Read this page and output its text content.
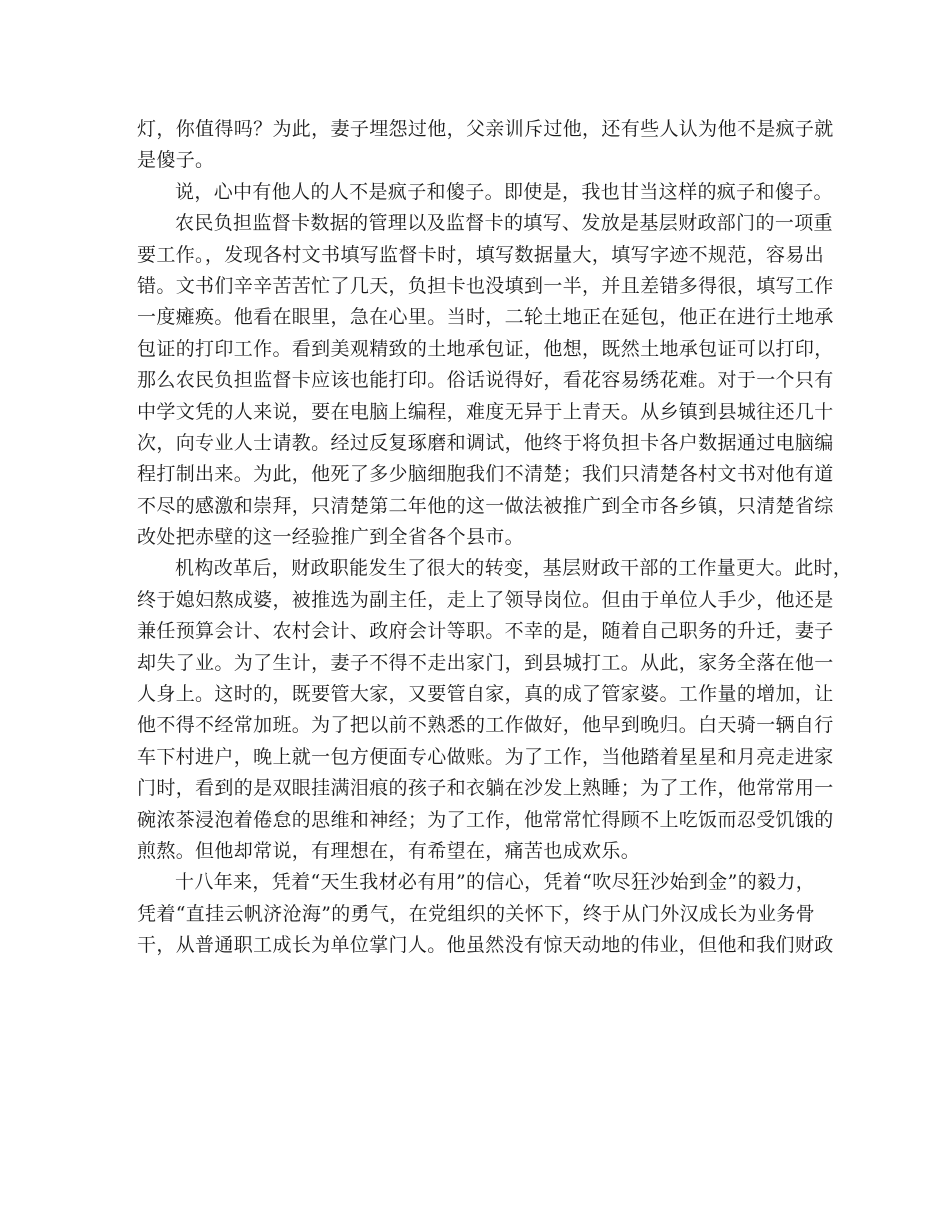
灯，你值得吗？为此，妻子埋怨过他，父亲训斥过他，还有些人认为他不是疯子就
是傻子。

说，心中有他人的人不是疯子和傻子。即使是，我也甘当这样的疯子和傻子。

农民负担监督卡数据的管理以及监督卡的填写、发放是基层财政部门的一项重
要工作。，发现各村文书填写监督卡时，填写数据量大，填写字迹不规范，容易出
错。文书们辛辛苦苦忙了几天，负担卡也没填到一半，并且差错多得很，填写工作
一度瘫痪。他看在眼里，急在心里。当时，二轮土地正在延包，他正在进行土地承
包证的打印工作。看到美观精致的土地承包证，他想，既然土地承包证可以打印，
那么农民负担监督卡应该也能打印。俗话说得好，看花容易绣花难。对于一个只有
中学文凭的人来说，要在电脑上编程，难度无异于上青天。从乡镇到县城往还几十
次，向专业人士请教。经过反复琢磨和调试，他终于将负担卡各户数据通过电脑编
程打制出来。为此，他死了多少脑细胞我们不清楚；我们只清楚各村文书对他有道
不尽的感激和崇拜，只清楚第二年他的这一做法被推广到全市各乡镇，只清楚省综
改处把赤壁的这一经验推广到全省各个县市。

机构改革后，财政职能发生了很大的转变，基层财政干部的工作量更大。此时，
终于媳妇熬成婆，被推选为副主任，走上了领导岗位。但由于单位人手少，他还是
兼任预算会计、农村会计、政府会计等职。不幸的是，随着自己职务的升迁，妻子
却失了业。为了生计，妻子不得不走出家门，到县城打工。从此，家务全落在他一
人身上。这时的，既要管大家，又要管自家，真的成了管家婆。工作量的增加，让
他不得不经常加班。为了把以前不熟悉的工作做好，他早到晚归。白天骑一辆自行
车下村进户，晚上就一包方便面专心做账。为了工作，当他踏着星星和月亮走进家
门时，看到的是双眼挂满泪痕的孩子和衣躺在沙发上熟睡；为了工作，他常常用一
碗浓茶浸泡着倦怠的思维和神经；为了工作，他常常忙得顾不上吃饭而忍受饥饿的
煎熬。但他却常说，有理想在，有希望在，痛苦也成欢乐。

十八年来，凭着“天生我材必有用”的信心，凭着“吹尽狂沙始到金”的毅力，
凭着“直挂云帆济沧海”的勇气，在党组织的关怀下，终于从门外汉成长为业务骨
干，从普通职工成长为单位掌门人。他虽然没有惊天动地的伟业，但他和我们财政
